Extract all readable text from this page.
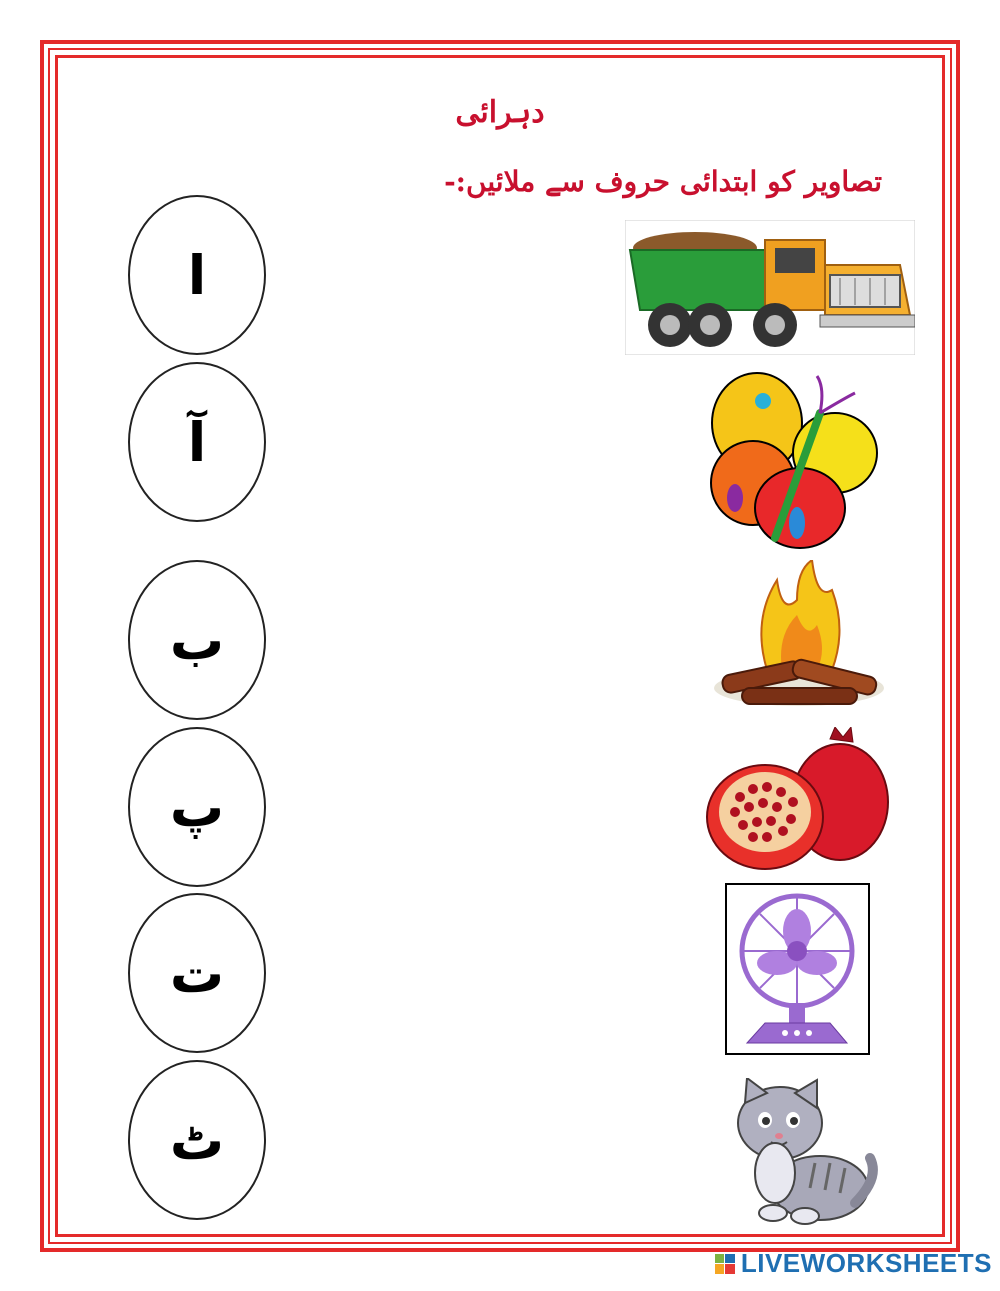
دہرائی
تصاویر کو ابتدائی حروف سے ملائیں:-
ا
آ
ب
پ
ت
ٹ
LIVEWORKSHEETS
